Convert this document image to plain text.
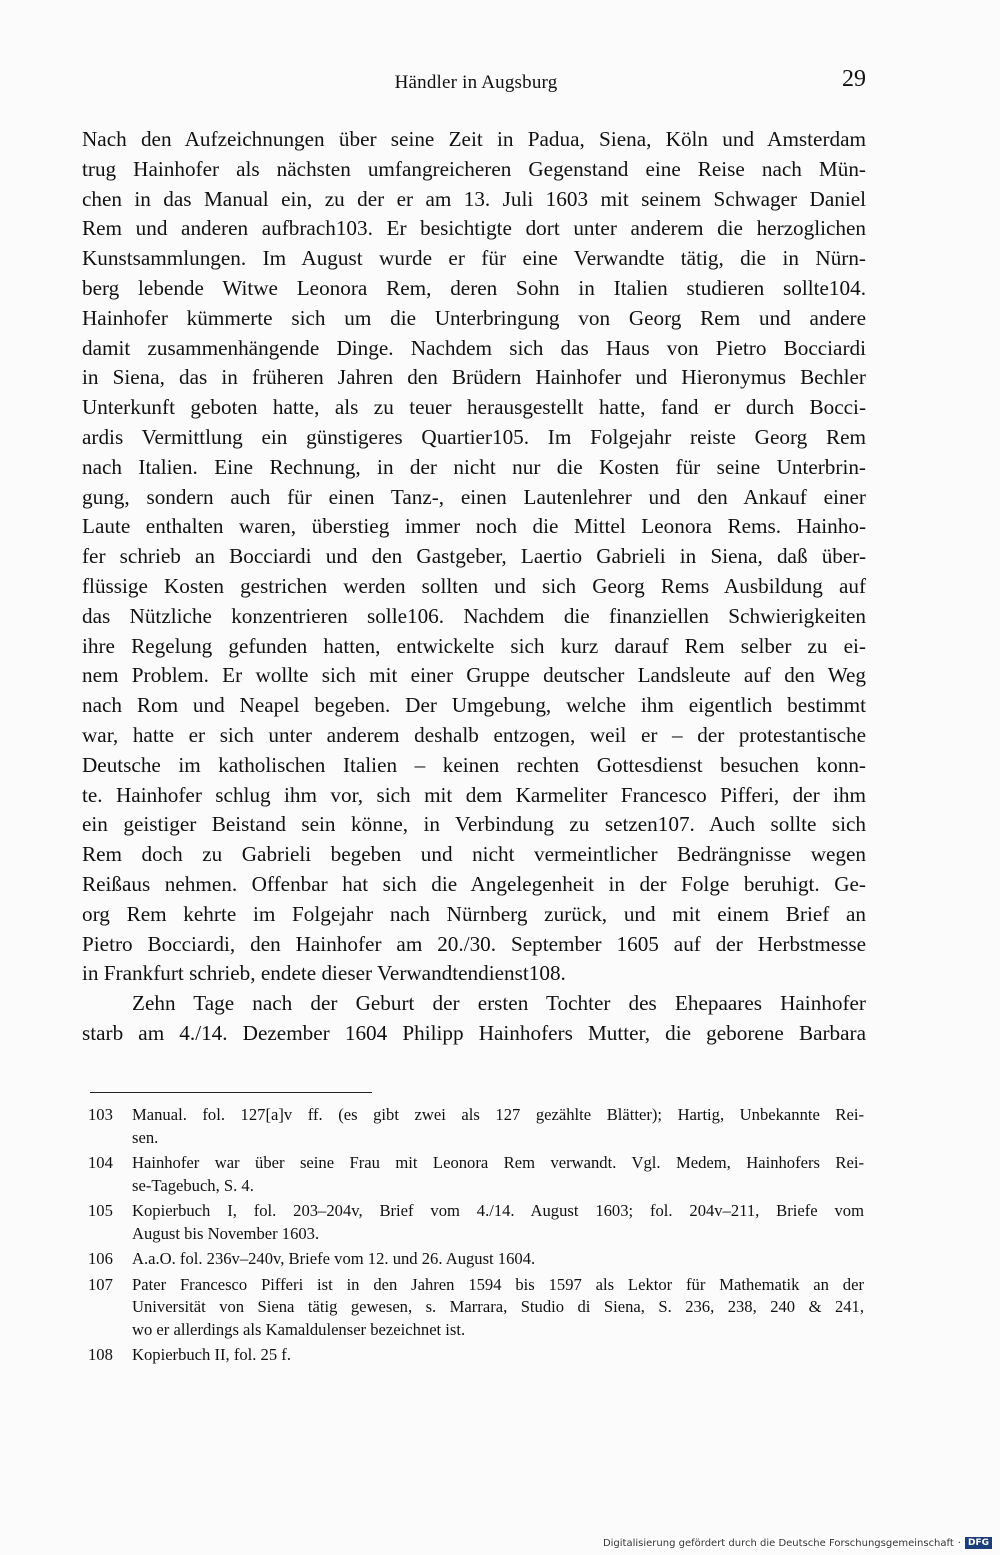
Händler in Augsburg	29
Nach den Aufzeichnungen über seine Zeit in Padua, Siena, Köln und Amsterdam
trug Hainhofer als nächsten umfangreicheren Gegenstand eine Reise nach Mün-
chen in das Manual ein, zu der er am 13. Juli 1603 mit seinem Schwager Daniel
Rem und anderen aufbrach103. Er besichtigte dort unter anderem die herzoglichen
Kunstsammlungen. Im August wurde er für eine Verwandte tätig, die in Nürn-
berg lebende Witwe Leonora Rem, deren Sohn in Italien studieren sollte104.
Hainhofer kümmerte sich um die Unterbringung von Georg Rem und andere
damit zusammenhängende Dinge. Nachdem sich das Haus von Pietro Bocciardi
in Siena, das in früheren Jahren den Brüdern Hainhofer und Hieronymus Bechler
Unterkunft geboten hatte, als zu teuer herausgestellt hatte, fand er durch Bocci-
ardis Vermittlung ein günstigeres Quartier105. Im Folgejahr reiste Georg Rem
nach Italien. Eine Rechnung, in der nicht nur die Kosten für seine Unterbrin-
gung, sondern auch für einen Tanz-, einen Lautenlehrer und den Ankauf einer
Laute enthalten waren, überstieg immer noch die Mittel Leonora Rems. Hainho-
fer schrieb an Bocciardi und den Gastgeber, Laertio Gabrieli in Siena, daß über-
flüssige Kosten gestrichen werden sollten und sich Georg Rems Ausbildung auf
das Nützliche konzentrieren solle106. Nachdem die finanziellen Schwierigkeiten
ihre Regelung gefunden hatten, entwickelte sich kurz darauf Rem selber zu ei-
nem Problem. Er wollte sich mit einer Gruppe deutscher Landsleute auf den Weg
nach Rom und Neapel begeben. Der Umgebung, welche ihm eigentlich bestimmt
war, hatte er sich unter anderem deshalb entzogen, weil er – der protestantische
Deutsche im katholischen Italien – keinen rechten Gottesdienst besuchen konn-
te. Hainhofer schlug ihm vor, sich mit dem Karmeliter Francesco Pifferi, der ihm
ein geistiger Beistand sein könne, in Verbindung zu setzen107. Auch sollte sich
Rem doch zu Gabrieli begeben und nicht vermeintlicher Bedrängnisse wegen
Reißaus nehmen. Offenbar hat sich die Angelegenheit in der Folge beruhigt. Ge-
org Rem kehrte im Folgejahr nach Nürnberg zurück, und mit einem Brief an
Pietro Bocciardi, den Hainhofer am 20./30. September 1605 auf der Herbstmesse
in Frankfurt schrieb, endete dieser Verwandtendienst108.
Zehn Tage nach der Geburt der ersten Tochter des Ehepaares Hainhofer
starb am 4./14. Dezember 1604 Philipp Hainhofers Mutter, die geborene Barbara
103 Manual. fol. 127[a]v ff. (es gibt zwei als 127 gezählte Blätter); Hartig, Unbekannte Rei-
sen.
104 Hainhofer war über seine Frau mit Leonora Rem verwandt. Vgl. Medem, Hainhofers Rei-
se-Tagebuch, S. 4.
105 Kopierbuch I, fol. 203–204v, Brief vom 4./14. August 1603; fol. 204v–211, Briefe vom
August bis November 1603.
106 A.a.O. fol. 236v–240v, Briefe vom 12. und 26. August 1604.
107 Pater Francesco Pifferi ist in den Jahren 1594 bis 1597 als Lektor für Mathematik an der
Universität von Siena tätig gewesen, s. Marrara, Studio di Siena, S. 236, 238, 240 & 241,
wo er allerdings als Kamaldulenser bezeichnet ist.
108 Kopierbuch II, fol. 25 f.
Digitalisierung gefördert durch die Deutsche Forschungsgemeinschaft · DFG
